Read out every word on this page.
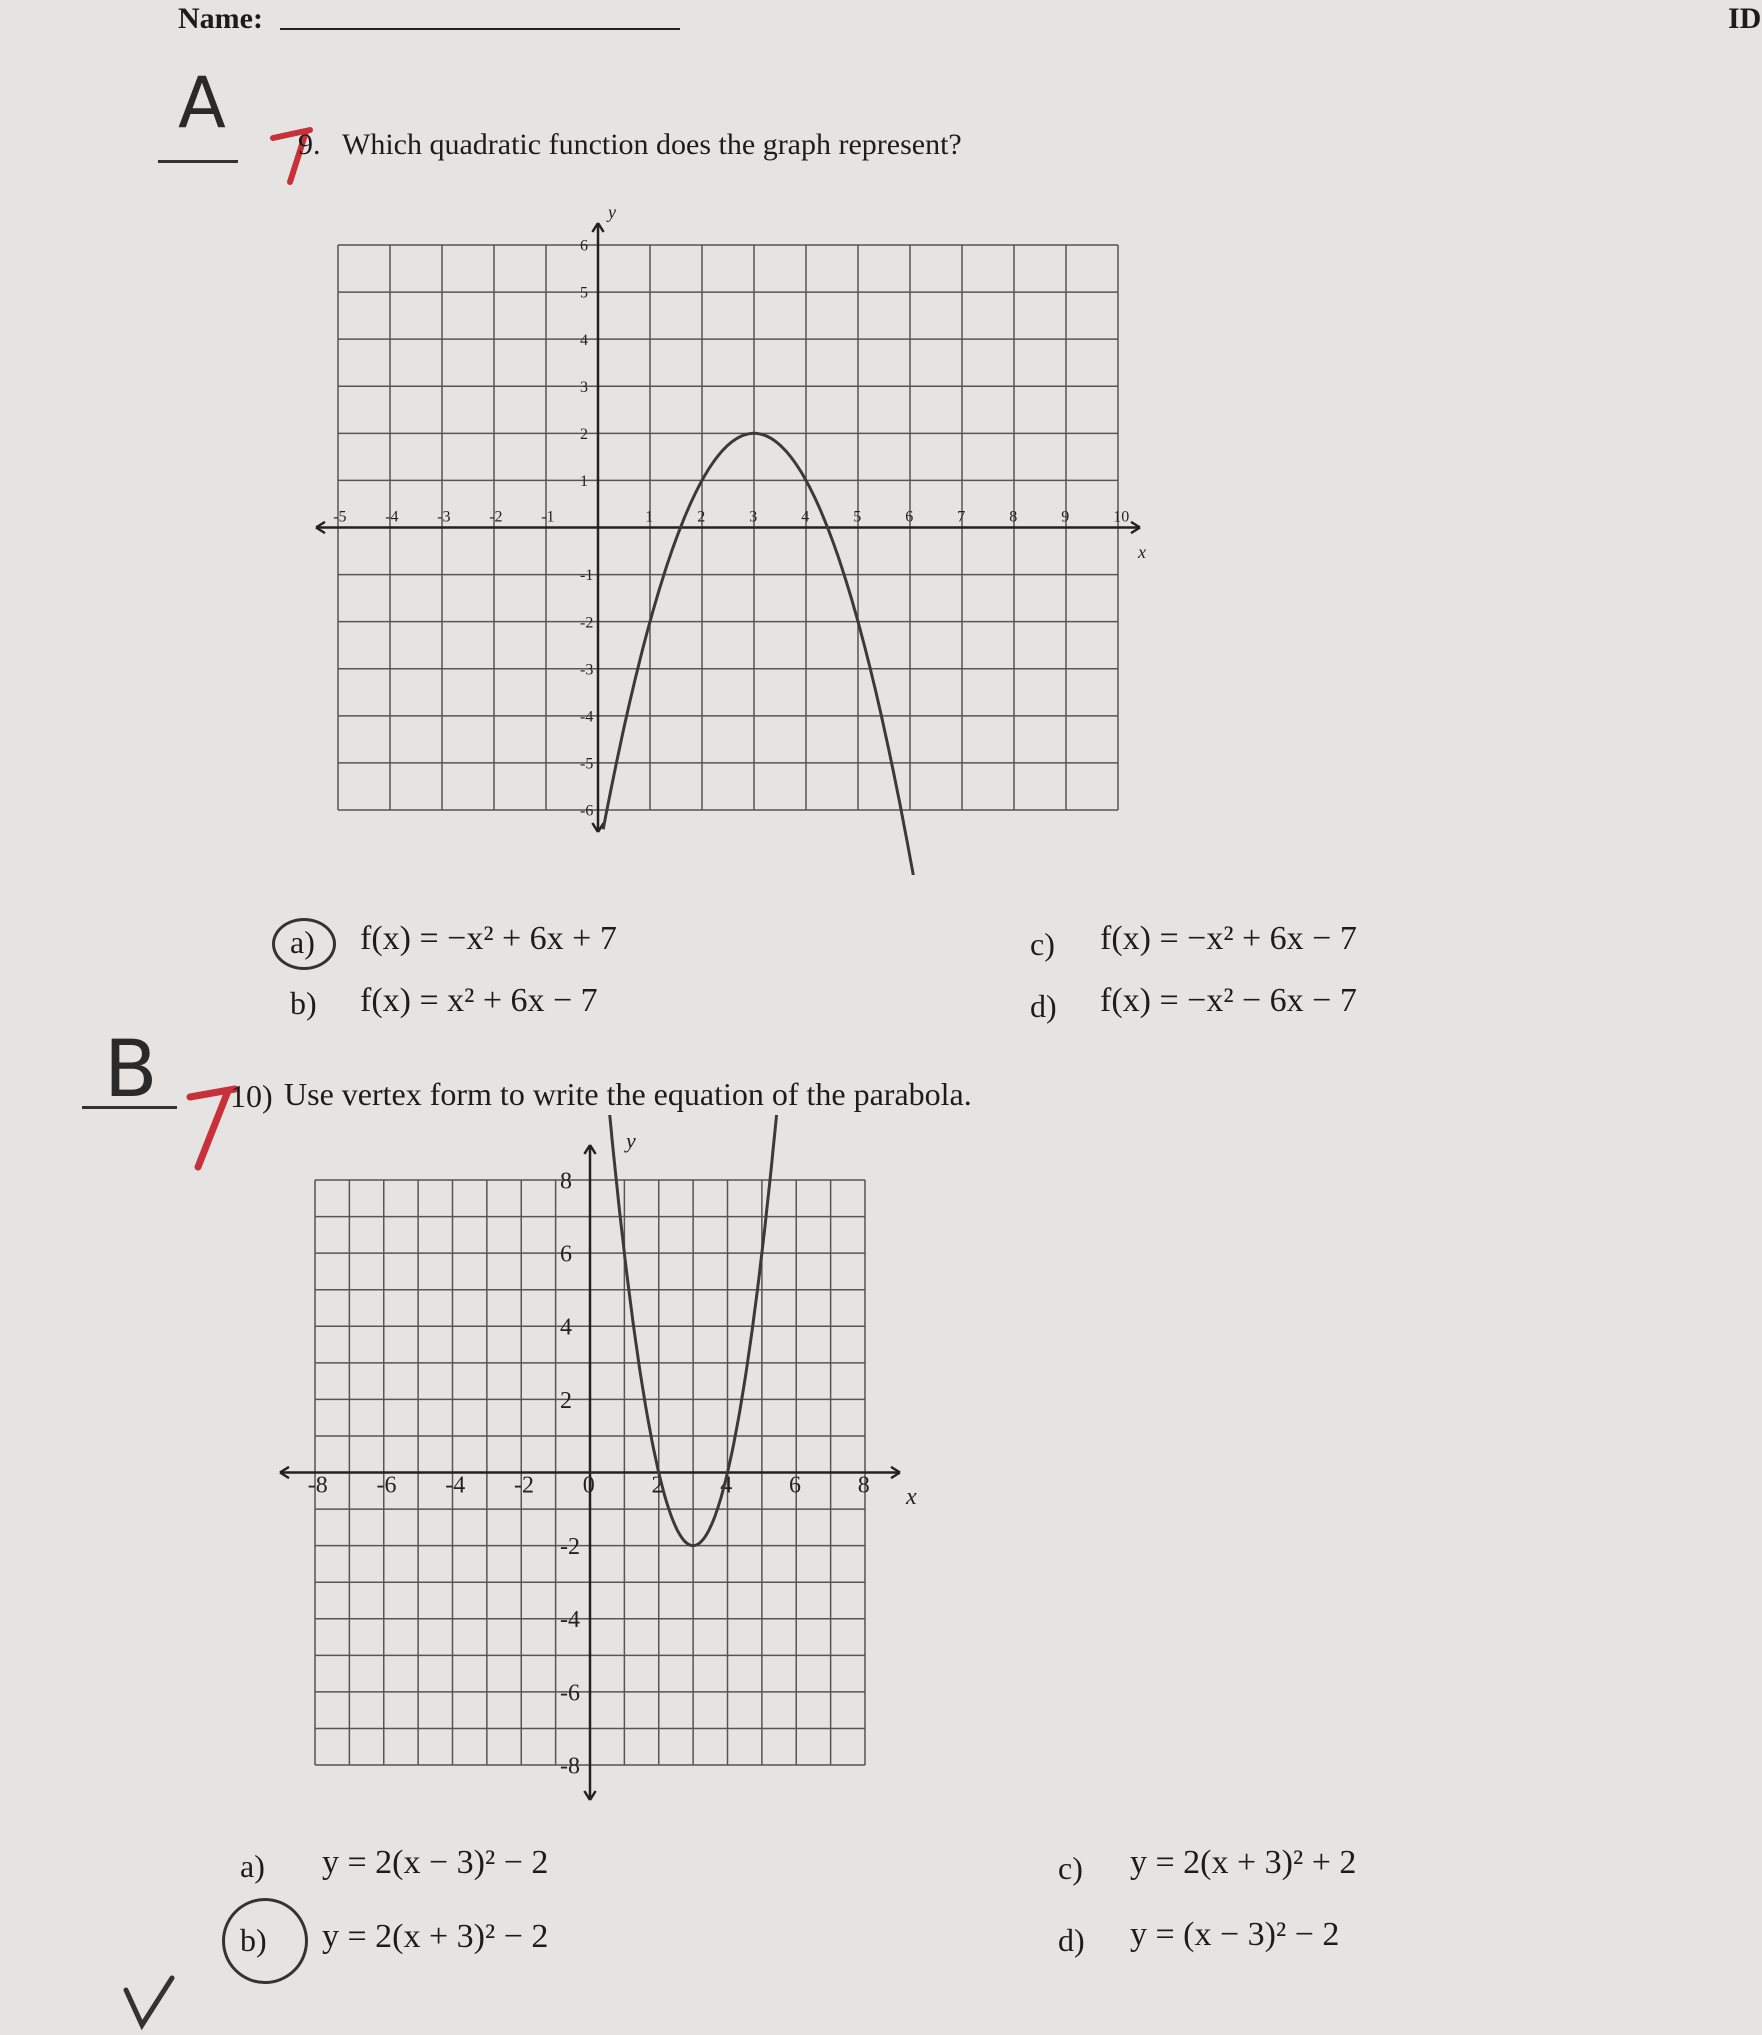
Name:	ID
A
9. Which quadratic function does the graph represent?
-5 -4 -3 -2 -1	1	2	3	4	5	6	7	8	9	10
6
5
4
3
2
1
-1
-2
-3
-4
-5
-6
x
y
a) f(x) = −x² + 6x + 7
b) f(x) = x² + 6x − 7
c) f(x) = −x² + 6x − 7
d) f(x) = −x² − 6x − 7
B 10) Use vertex form to write the equation of the parabola.
-8 -6 -4 -2 0 2 4 6 8
8
6
4
2
-2
-4
-6
-8
x
y
a) y = 2(x − 3)² − 2
b) y = 2(x + 3)² − 2
c) y = 2(x + 3)² + 2
d) y = (x − 3)² − 2
